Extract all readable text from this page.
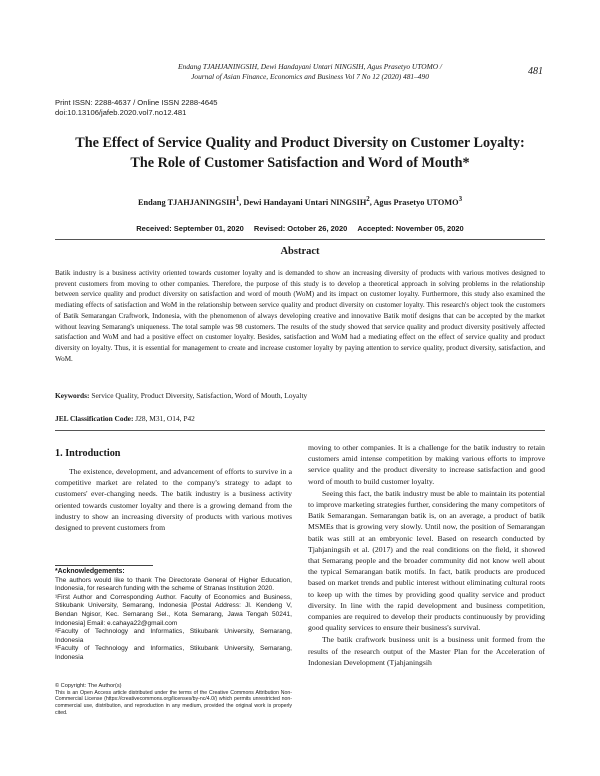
Endang TJAHJANINGSIH, Dewi Handayani Untari NINGSIH, Agus Prasetyo UTOMO /
Journal of Asian Finance, Economics and Business Vol 7 No 12 (2020) 481–490	481
Print ISSN: 2288-4637 / Online ISSN 2288-4645
doi:10.13106/jafeb.2020.vol7.no12.481
The Effect of Service Quality and Product Diversity on Customer Loyalty:
The Role of Customer Satisfaction and Word of Mouth*
Endang TJAHJANINGSIH$^1$, Dewi Handayani Untari NINGSIH$^2$, Agus Prasetyo UTOMO$^3$
Received: September 01, 2020 Revised: October 26, 2020 Accepted: November 05, 2020
Abstract
Batik industry is a business activity oriented towards customer loyalty and is demanded to show an increasing diversity of products with various motives designed to prevent customers from moving to other companies. Therefore, the purpose of this study is to develop a theoretical approach in solving problems in the relationship between service quality and product diversity on satisfaction and word of mouth (WoM) and its impact on customer loyalty. Furthermore, this study also examined the mediating effects of satisfaction and WoM in the relationship between service quality and product diversity on customer loyalty. This research's object took the customers of Batik Semarangan Craftwork, Indonesia, with the phenomenon of always developing creative and innovative Batik motif designs that can be accepted by the market without leaving Semarang's uniqueness. The total sample was 98 customers. The results of the study showed that service quality and product diversity positively affected satisfaction and WoM and had a positive effect on customer loyalty. Besides, satisfaction and WoM had a mediating effect on the effect of service quality and product diversity on loyalty. Thus, it is essential for management to create and increase customer loyalty by paying attention to service quality, product diversity, satisfaction, and WoM.
Keywords: Service Quality, Product Diversity, Satisfaction, Word of Mouth, Loyalty
JEL Classification Code: J28, M31, O14, P42
1. Introduction

The existence, development, and advancement of efforts to survive in a competitive market are related to the company's strategy to adapt to customers' ever-changing needs. The batik industry is a business activity oriented towards customer loyalty and there is a growing demand from the industry to show an increasing diversity of products with various motives designed to prevent customers from

*Acknowledgements:
The authors would like to thank The Directorate General of Higher Education, Indonesia, for research funding with the scheme of Stranas Institution 2020.
¹First Author and Corresponding Author. Faculty of Economics and Business, Stikubank University, Semarang, Indonesia [Postal Address: Jl. Kendeng V, Bendan Ngisor, Kec. Semarang Sel., Kota Semarang, Jawa Tengah 50241, Indonesia] Email: e.cahaya22@gmail.com
²Faculty of Technology and Informatics, Stikubank University, Semarang, Indonesia
³Faculty of Technology and Informatics, Stikubank University, Semarang, Indonesia
© Copyright: The Author(s)
This is an Open Access article distributed under the terms of the Creative Commons Attribution Non-Commercial License (https://creativecommons.org/licenses/by-nc/4.0/) which permits unrestricted non-commercial use, distribution, and reproduction in any medium, provided the original work is properly cited.

moving to other companies. It is a challenge for the batik industry to retain customers amid intense competition by making various efforts to improve service quality and the product diversity to increase satisfaction and good word of mouth to build customer loyalty.

Seeing this fact, the batik industry must be able to maintain its potential to improve marketing strategies further, considering the many competitors of Batik Semarangan. Semarangan batik is, on an average, a product of batik MSMEs that is growing very slowly. Until now, the position of Semarangan batik was still at an embryonic level. Based on research conducted by Tjahjaningsih et al. (2017) and the real conditions on the field, it showed that Semarang people and the broader community did not know well about the typical Semarangan batik motifs. In fact, batik products are produced based on market trends and public interest without eliminating cultural roots to keep up with the times by providing good quality service and product diversity. In line with the rapid development and business competition, companies are required to develop their products continuously by providing good quality services to ensure their business's survival.

The batik craftwork business unit is a business unit formed from the results of the research output of the Master Plan for the Acceleration of Indonesian Development (Tjahjaningsih
